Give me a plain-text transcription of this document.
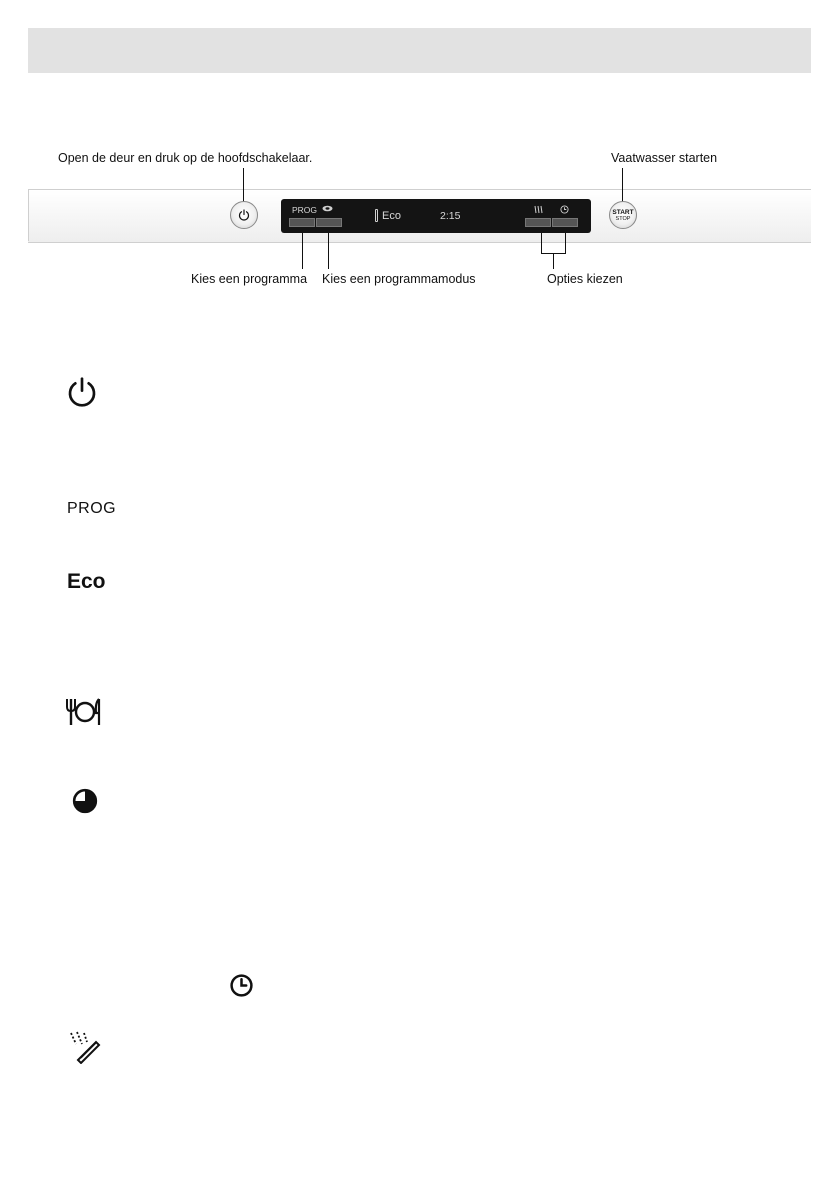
Open de deur en druk op de hoofdschakelaar.	Vaatwasser starten
PROG	Eco	2:15	START
STOP
Kies een programma Kies een programmamodus	Opties kiezen
PROG
Eco
